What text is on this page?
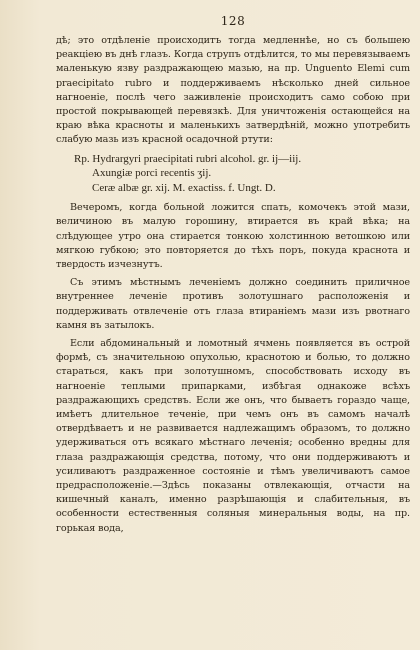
128

дѣ; это отдѣленіе происходитъ тогда медленнѣе, но съ большею реакціею въ днѣ глазъ. Когда струпъ отдѣлится, то мы перевязываемъ маленькую язву раздражающею мазью, на пр. Unguento Elemi cum praecipitato rubro и поддерживаемъ нѣсколько дней сильное нагноеніе, послѣ чего заживленіе происходитъ само собою при простой покрывающей перевязкѣ. Для уничтоженія остающейся на краю вѣка краснoты и маленькихъ затвердѣній, можно употребить слабую мазь изъ красной осадочной ртути:

Rp. Hydrargyri praecipitati rubri alcohol. gr. ij—iij.
Axungiæ porci recentis ʒij.
Ceræ albæ gr. xij. M. exactiss. f. Ungt. D.

Вечеромъ, когда больной ложится спать, комочекъ этой мази, величиною въ малую горошину, втирается въ край вѣка; на слѣдующее утро она стирается тонкою холстинною ветошкою или мягкою губкою; это повторяется до тѣхъ поръ, покуда краснота и твердость изчезнутъ.

Съ этимъ мѣстнымъ леченіемъ должно соединить приличное внутреннее леченіе противъ золотушнаго расположенія и поддерживать отвлеченіе отъ глаза втираніемъ мази изъ рвотнаго камня въ затылокъ.

Если абдоминальный и ломотный ячмень появляется въ острой формѣ, съ значительною опухолью, краснотою и болью, то должно стараться, какъ при золотушномъ, способствовать исходу въ нагноеніе теплыми припарками, избѣгая однакоже всѣхъ раздражающихъ средствъ. Если же онъ, что бываетъ гораздо чаще, имѣетъ длительное теченіе, при чемъ онъ въ самомъ началѣ отвердѣваетъ и не развивается надлежащимъ образомъ, то должно удерживаться отъ всякаго мѣстнаго леченія; особенно вредны для глаза раздражающія средства, потому, что они поддерживаютъ и усиливаютъ раздраженное состояніе и тѣмъ увеличиваютъ самое предрасположеніе.—Здѣсь показаны отвлекающія, отчасти на кишечный каналъ, именно разрѣшающія и слабительныя, въ особенности естественныя соляныя минеральныя воды, на пр. горькая вода,
